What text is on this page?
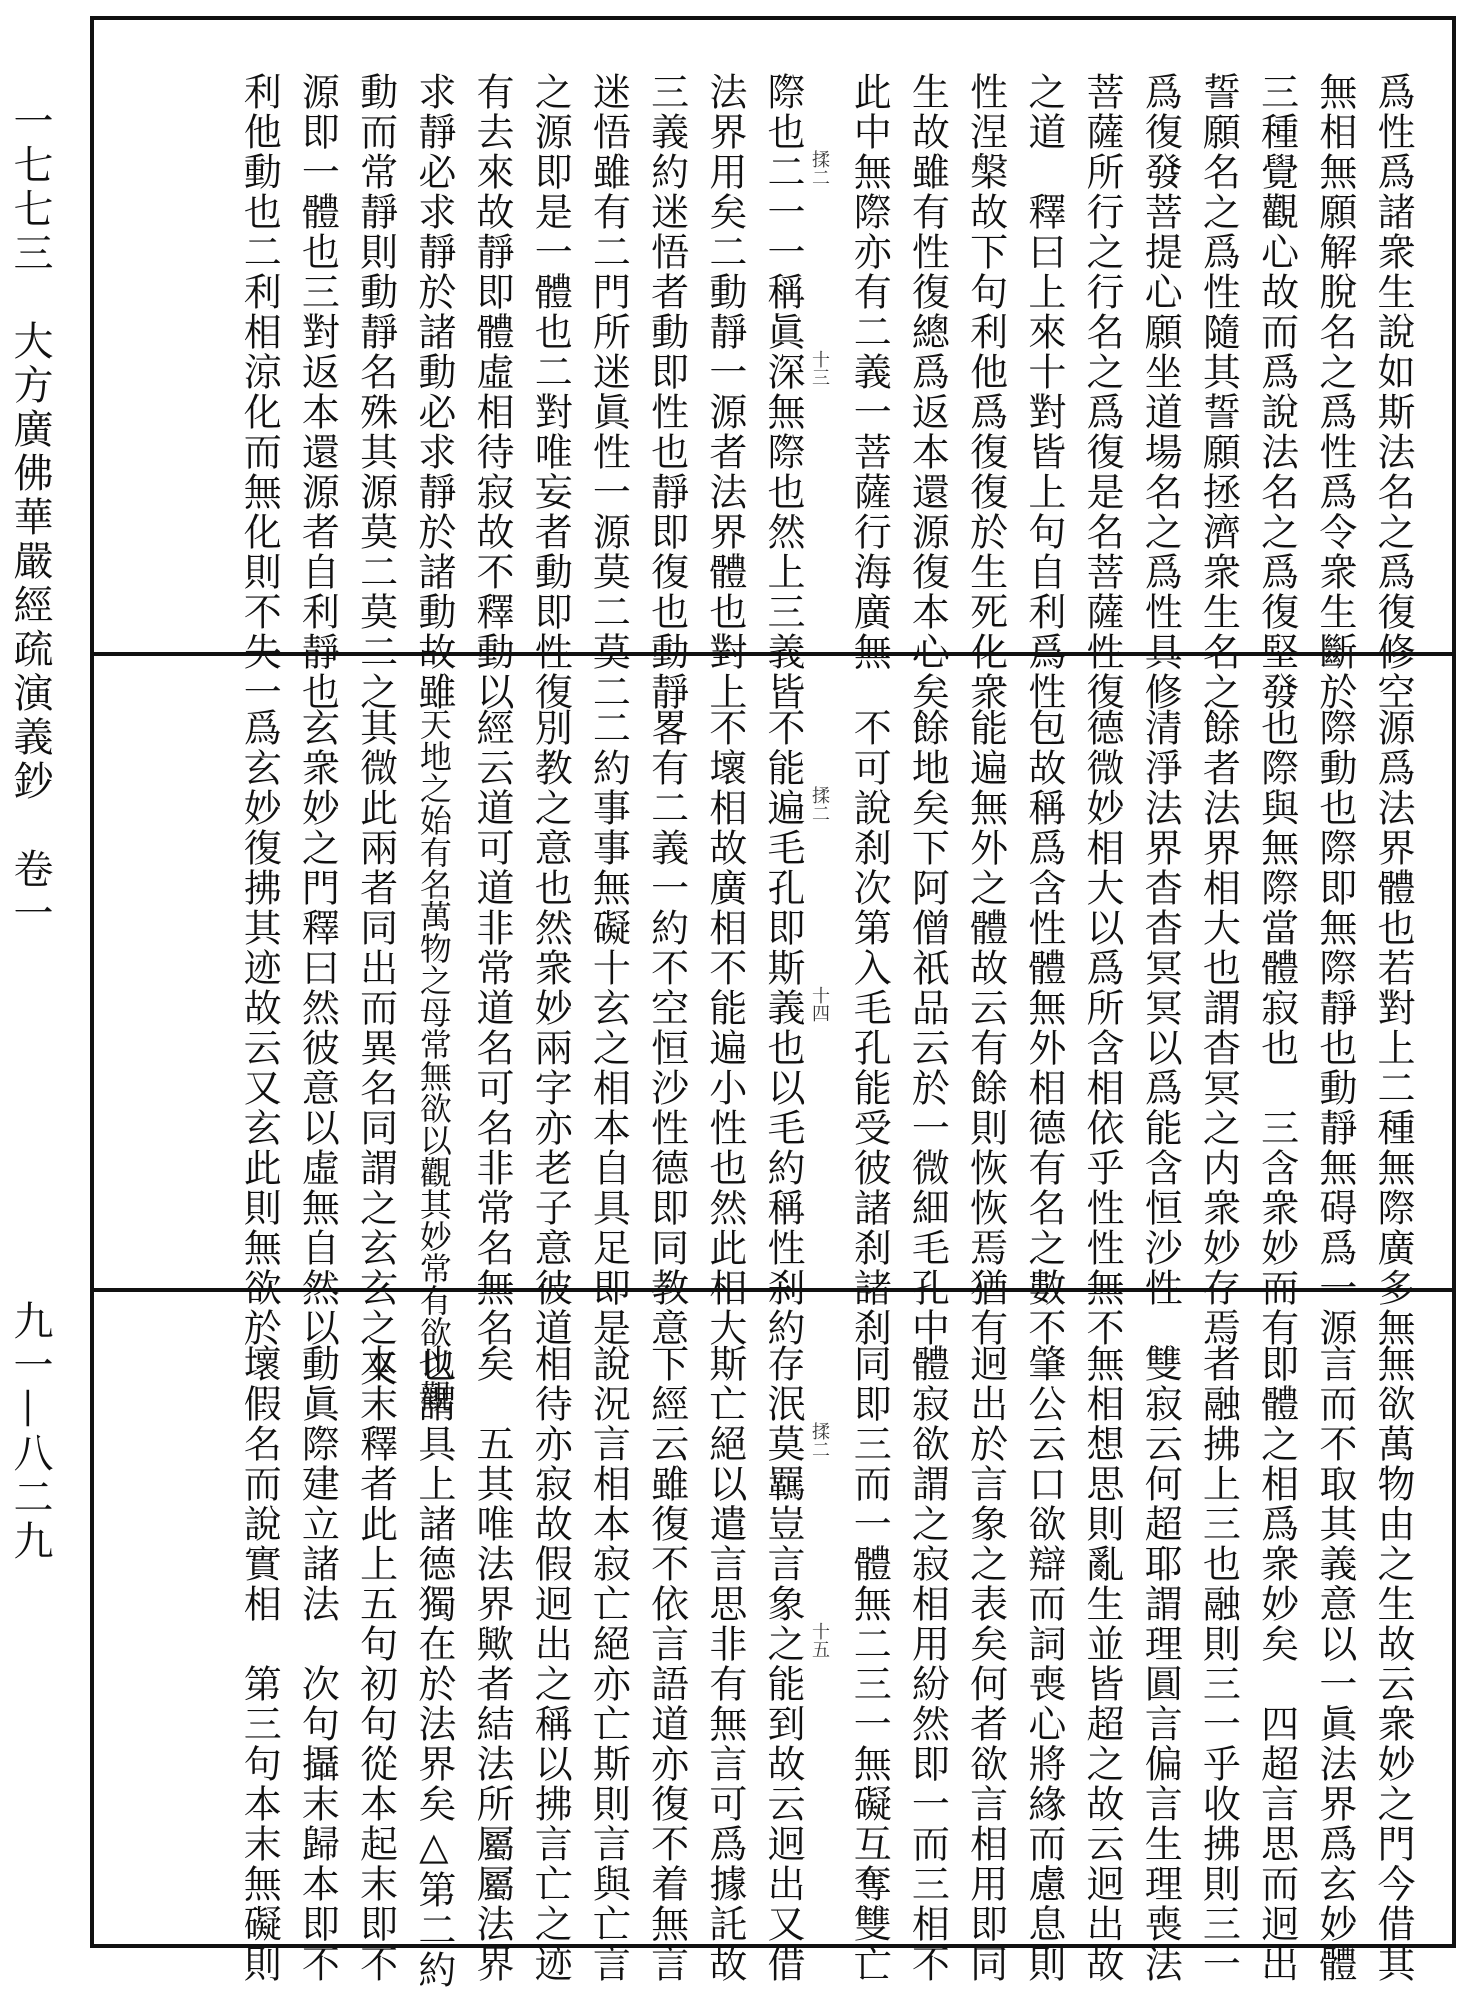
一七七三　大方廣佛華嚴經疏演義鈔　卷一
九一—八二九
爲性爲諸衆生說如斯法名之爲復修空
無相無願解脫名之爲性爲令衆生斷於
三種覺觀心故而爲說法名之爲復堅發
誓願名之爲性隨其誓願拯濟衆生名之
爲復發菩提心願坐道場名之爲性具修
菩薩所行之行名之爲復是名菩薩性復
之道　釋曰上來十對皆上句自利爲性
性涅槃故下句利他爲復復於生死化衆
生故雖有性復總爲返本還源復本心矣
此中無際亦有二義一菩薩行海廣無
際也二一一稱眞深無際也然上三義皆
法界用矣二動靜一源者法界體也對上
三義約迷悟者動即性也靜即復也動靜
迷悟雖有二門所迷眞性一源莫二莫二
之源即是一體也二對唯妄者動即性復
有去來故靜即體虛相待寂故不釋動以
求靜必求靜於諸動必求靜於諸動故雖
動而常靜則動靜名殊其源莫二莫二之
源即一體也三對返本還源者自利靜也
利他動也二利相涼化而無化則不失一	揉二
十三
源爲法界體也若對上二種無際廣多無
際動也際即無際靜也動靜無碍爲一源
也際與無際當體寂也　三含衆妙而有
餘者法界相大也謂杳冥之内衆妙存焉
清淨法界杳杳冥冥以爲能含恒沙性
德微妙相大以爲所含相依乎性性無不
包故稱爲含性體無外相德有名之數不
能遍無外之體故云有餘則恢恢焉猶有
餘地矣下阿僧祇品云於一微細毛孔中
不可說刹次第入毛孔能受彼諸刹諸刹
不能遍毛孔即斯義也以毛約稱性刹約
不壞相故廣相不能遍小性也然此相大
畧有二義一約不空恒沙性德即同教意
二約事事無礙十玄之相本自具足即是
別教之意也然衆妙兩字亦老子意彼道
經云道可道非常道名可名非常名無名
天地之始有名萬物之母常無欲以觀其妙常有欲以觀
其微此兩者同出而異名同謂之玄玄之又
玄衆妙之門釋曰然彼意以虛無自然以
爲玄妙復拂其迹故云又玄此則無欲於	揉二
十四
無欲萬物由之生故云衆妙之門今借其
言而不取其義意以一眞法界爲玄妙體
即體之相爲衆妙矣　四超言思而迥出
者融拂上三也融則三一乎收拂則三一
雙寂云何超耶謂理圓言偏言生理喪法
無相想思則亂生並皆超之故云迥出故
肇公云口欲辯而詞喪心將緣而慮息則
迥出於言象之表矣何者欲言相用即同
體寂欲謂之寂相用紛然即一而三相不
同即三而一體無二三一無礙互奪雙亡
存泯莫羈豈言象之能到故云迥出又借
斯亡絕以遣言思非有無言可爲據託故
下經云雖復不依言語道亦復不着無言
說況言相本寂亡絕亦亡斯則言與亡言
相待亦寂故假迥出之稱以拂言亡之迹
矣　五其唯法界歟者結法所屬屬法界
也謂具上諸德獨在於法界矣△第二約
本末釋者此上五句初句從本起末即不
動眞際建立諸法　次句攝末歸本即不
壞假名而說實相　第三句本末無礙則	揉二
十五
